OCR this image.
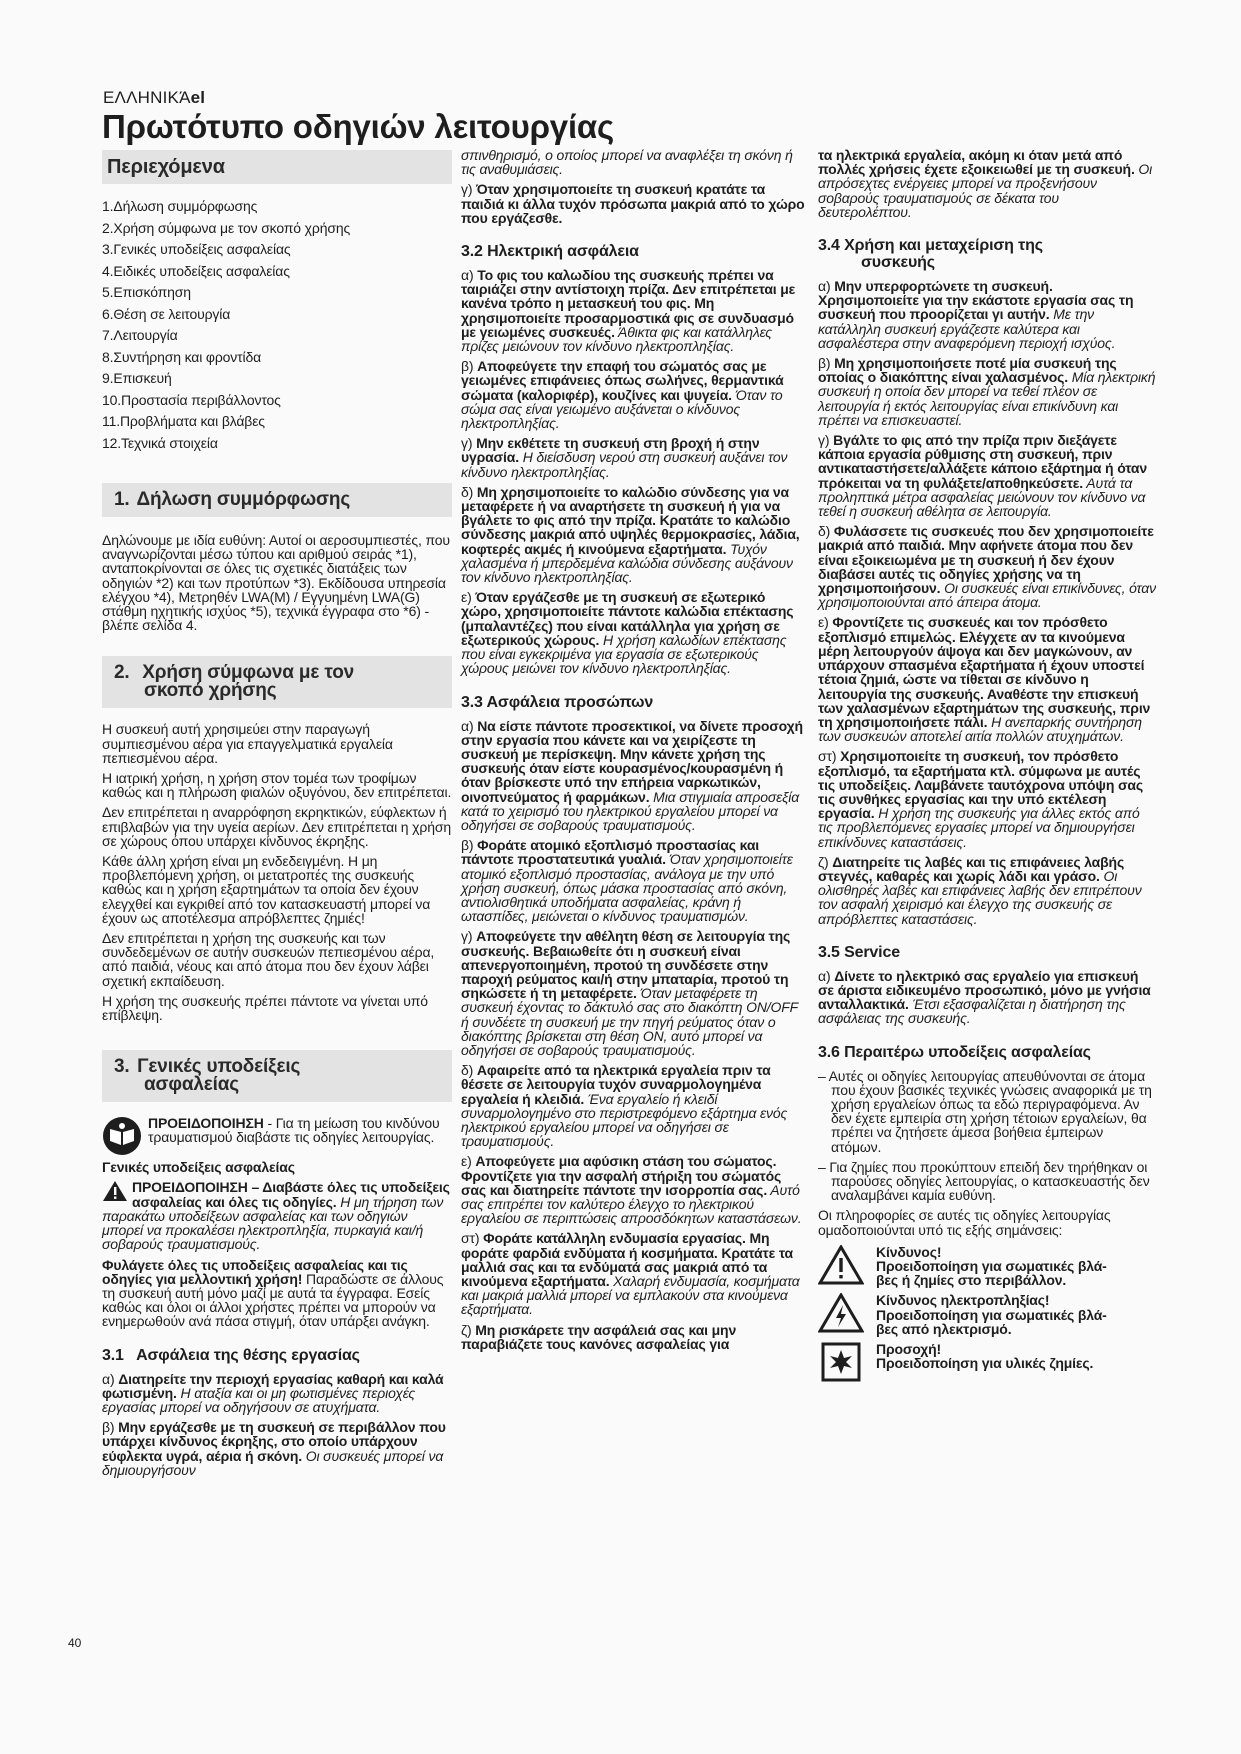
ΕΛΛΗΝΙΚΆel
Πρωτότυπο οδηγιών λειτουργίας
Περιεχόμενα
1.Δήλωση συμμόρφωσης
2.Χρήση σύμφωνα με τον σκοπό χρήσης
3.Γενικές υποδείξεις ασφαλείας
4.Ειδικές υποδείξεις ασφαλείας
5.Επισκόπηση
6.Θέση σε λειτουργία
7.Λειτουργία
8.Συντήρηση και φροντίδα
9.Επισκευή
10.Προστασία περιβάλλοντος
11.Προβλήματα και βλάβες
12.Τεχνικά στοιχεία
1. Δήλωση συμμόρφωσης

Δηλώνουμε με ιδία ευθύνη: Αυτοί οι αεροσυμπιεστές, που αναγνωρίζονται μέσω τύπου και αριθμού σειράς *1), ανταποκρίνονται σε όλες τις σχετικές διατάξεις των οδηγιών *2) και των προτύπων *3). Εκδίδουσα υπηρεσία ελέγχου *4), Μετρηθέν LWA(M) / Εγγυημένη LWA(G) στάθμη ηχητικής ισχύος *5), τεχνικά έγγραφα στο *6) - βλέπε σελίδα 4.

2. Χρήση σύμφωνα με τον
σκοπό χρήσης

Η συσκευή αυτή χρησιμεύει στην παραγωγή συμπιεσμένου αέρα για επαγγελματικά εργαλεία πεπιεσμένου αέρα.

Η ιατρική χρήση, η χρήση στον τομέα των τροφίμων καθώς και η πλήρωση φιαλών οξυγόνου, δεν επιτρέπεται.

Δεν επιτρέπεται η αναρρόφηση εκρηκτικών, εύφλεκτων ή επιβλαβών για την υγεία αερίων. Δεν επιτρέπεται η χρήση σε χώρους όπου υπάρχει κίνδυνος έκρηξης.

Κάθε άλλη χρήση είναι μη ενδεδειγμένη. Η μη προβλεπόμενη χρήση, οι μετατροπές της συσκευής καθώς και η χρήση εξαρτημάτων τα οποία δεν έχουν ελεγχθεί και εγκριθεί από τον κατασκευαστή μπορεί να έχουν ως αποτέλεσμα απρόβλεπτες ζημιές!

Δεν επιτρέπεται η χρήση της συσκευής και των συνδεδεμένων σε αυτήν συσκευών πεπιεσμένου αέρα, από παιδιά, νέους και από άτομα που δεν έχουν λάβει σχετική εκπαίδευση.

Η χρήση της συσκευής πρέπει πάντοτε να γίνεται υπό επίβλεψη.

3. Γενικές υποδείξεις
ασφαλείας
ΠΡΟΕΙΔΟΠΟΙΗΣΗ - Για τη μείωση του κινδύνου τραυματισμού διαβάστε τις οδηγίες λειτουργίας.

Γενικές υποδείξεις ασφαλείας

ΠΡΟΕΙΔΟΠΟΙΗΣΗ – Διαβάστε όλες τις υποδείξεις ασφαλείας και όλες τις οδηγίες. Η μη τήρηση των παρακάτω υποδείξεων ασφαλείας και των οδηγιών μπορεί να προκαλέσει ηλεκτροπληξία, πυρκαγιά και/ή σοβαρούς τραυματισμούς.

Φυλάγετε όλες τις υποδείξεις ασφαλείας και τις οδηγίες για μελλοντική χρήση! Παραδώστε σε άλλους τη συσκευή αυτή μόνο μαζί με αυτά τα έγγραφα. Εσείς καθώς και όλοι οι άλλοι χρήστες πρέπει να μπορούν να ενημερωθούν ανά πάσα στιγμή, όταν υπάρξει ανάγκη.

3.1 Ασφάλεια της θέσης εργασίας

α) Διατηρείτε την περιοχή εργασίας καθαρή και καλά φωτισμένη. Η αταξία και οι μη φωτισμένες περιοχές εργασίας μπορεί να οδηγήσουν σε ατυχήματα.

β) Μην εργάζεσθε με τη συσκευή σε περιβάλλον που υπάρχει κίνδυνος έκρηξης, στο οποίο υπάρχουν εύφλεκτα υγρά, αέρια ή σκόνη. Οι συσκευές μπορεί να δημιουργήσουν

σπινθηρισμό, ο οποίος μπορεί να αναφλέξει τη σκόνη ή τις αναθυμιάσεις.

γ) Όταν χρησιμοποιείτε τη συσκευή κρατάτε τα παιδιά κι άλλα τυχόν πρόσωπα μακριά από το χώρο που εργάζεσθε.

3.2 Ηλεκτρική ασφάλεια

α) Το φις του καλωδίου της συσκευής πρέπει να ταιριάζει στην αντίστοιχη πρίζα. Δεν επιτρέπεται με κανένα τρόπο η μετασκευή του φις. Μη χρησιμοποιείτε προσαρμοστικά φις σε συνδυασμό με γειωμένες συσκευές. Άθικτα φις και κατάλληλες πρίζες μειώνουν τον κίνδυνο ηλεκτροπληξίας.

β) Αποφεύγετε την επαφή του σώματός σας με γειωμένες επιφάνειες όπως σωλήνες, θερμαντικά σώματα (καλοριφέρ), κουζίνες και ψυγεία. Όταν το σώμα σας είναι γειωμένο αυξάνεται ο κίνδυνος ηλεκτροπληξίας.

γ) Μην εκθέτετε τη συσκευή στη βροχή ή στην υγρασία. Η διείσδυση νερού στη συσκευή αυξάνει τον κίνδυνο ηλεκτροπληξίας.

δ) Μη χρησιμοποιείτε το καλώδιο σύνδεσης για να μεταφέρετε ή να αναρτήσετε τη συσκευή ή για να βγάλετε το φις από την πρίζα. Κρατάτε το καλώδιο σύνδεσης μακριά από υψηλές θερμοκρασίες, λάδια, κοφτερές ακμές ή κινούμενα εξαρτήματα. Τυχόν χαλασμένα ή μπερδεμένα καλώδια σύνδεσης αυξάνουν τον κίνδυνο ηλεκτροπληξίας.

ε) Όταν εργάζεσθε με τη συσκευή σε εξωτερικό χώρο, χρησιμοποιείτε πάντοτε καλώδια επέκτασης (μπαλαντέζες) που είναι κατάλληλα για χρήση σε εξωτερικούς χώρους. Η χρήση καλωδίων επέκτασης που είναι εγκεκριμένα για εργασία σε εξωτερικούς χώρους μειώνει τον κίνδυνο ηλεκτροπληξίας.

3.3 Ασφάλεια προσώπων

α) Να είστε πάντοτε προσεκτικοί, να δίνετε προσοχή στην εργασία που κάνετε και να χειρίζεστε τη συσκευή με περίσκεψη. Μην κάνετε χρήση της συσκευής όταν είστε κουρασμένος/κουρασμένη ή όταν βρίσκεστε υπό την επήρεια ναρκωτικών, οινοπνεύματος ή φαρμάκων. Μια στιγμιαία απροσεξία κατά το χειρισμό του ηλεκτρικού εργαλείου μπορεί να οδηγήσει σε σοβαρούς τραυματισμούς.

β) Φοράτε ατομικό εξοπλισμό προστασίας και πάντοτε προστατευτικά γυαλιά. Όταν χρησιμοποιείτε ατομικό εξοπλισμό προστασίας, ανάλογα με την υπό χρήση συσκευή, όπως μάσκα προστασίας από σκόνη, αντιολισθητικά υποδήματα ασφαλείας, κράνη ή ωτασπίδες, μειώνεται ο κίνδυνος τραυματισμών.

γ) Αποφεύγετε την αθέλητη θέση σε λειτουργία της συσκευής. Βεβαιωθείτε ότι η συσκευή είναι απενεργοποιημένη, προτού τη συνδέσετε στην παροχή ρεύματος και/ή στην μπαταρία, προτού τη σηκώσετε ή τη μεταφέρετε. Όταν μεταφέρετε τη συσκευή έχοντας το δάκτυλό σας στο διακόπτη ON/OFF ή συνδέετε τη συσκευή με την πηγή ρεύματος όταν ο διακόπτης βρίσκεται στη θέση ON, αυτό μπορεί να οδηγήσει σε σοβαρούς τραυματισμούς.

δ) Αφαιρείτε από τα ηλεκτρικά εργαλεία πριν τα θέσετε σε λειτουργία τυχόν συναρμολογημένα εργαλεία ή κλειδιά. Ένα εργαλείο ή κλειδί συναρμολογημένο στο περιστρεφόμενο εξάρτημα ενός ηλεκτρικού εργαλείου μπορεί να οδηγήσει σε τραυματισμούς.

ε) Αποφεύγετε μια αφύσικη στάση του σώματος. Φροντίζετε για την ασφαλή στήριξη του σώματός σας και διατηρείτε πάντοτε την ισορροπία σας. Αυτό σας επιτρέπει τον καλύτερο έλεγχο το ηλεκτρικού εργαλείου σε περιπτώσεις απροσδόκητων καταστάσεων.

στ) Φοράτε κατάλληλη ενδυμασία εργασίας. Μη φοράτε φαρδιά ενδύματα ή κοσμήματα. Κρατάτε τα μαλλιά σας και τα ενδύματά σας μακριά από τα κινούμενα εξαρτήματα. Χαλαρή ενδυμασία, κοσμήματα και μακριά μαλλιά μπορεί να εμπλακούν στα κινούμενα εξαρτήματα.

ζ) Μη ρισκάρετε την ασφάλειά σας και μην παραβιάζετε τους κανόνες ασφαλείας για

τα ηλεκτρικά εργαλεία, ακόμη κι όταν μετά από πολλές χρήσεις έχετε εξοικειωθεί με τη συσκευή. Οι απρόσεχτες ενέργειες μπορεί να προξενήσουν σοβαρούς τραυματισμούς σε δέκατα του δευτερολέπτου.

3.4 Χρήση και μεταχείριση της
συσκευής

α) Μην υπερφορτώνετε τη συσκευή. Χρησιμοποιείτε για την εκάστοτε εργασία σας τη συσκευή που προορίζεται γι αυτήν. Με την κατάλληλη συσκευή εργάζεστε καλύτερα και ασφαλέστερα στην αναφερόμενη περιοχή ισχύος.

β) Μη χρησιμοποιήσετε ποτέ μία συσκευή της οποίας ο διακόπτης είναι χαλασμένος. Μία ηλεκτρική συσκευή η οποία δεν μπορεί να τεθεί πλέον σε λειτουργία ή εκτός λειτουργίας είναι επικίνδυνη και πρέπει να επισκευαστεί.

γ) Βγάλτε το φις από την πρίζα πριν διεξάγετε κάποια εργασία ρύθμισης στη συσκευή, πριν αντικαταστήσετε/αλλάξετε κάποιο εξάρτημα ή όταν πρόκειται να τη φυλάξετε/αποθηκεύσετε. Αυτά τα προληπτικά μέτρα ασφαλείας μειώνουν τον κίνδυνο να τεθεί η συσκευή αθέλητα σε λειτουργία.

δ) Φυλάσσετε τις συσκευές που δεν χρησιμοποιείτε μακριά από παιδιά. Μην αφήνετε άτομα που δεν είναι εξοικειωμένα με τη συσκευή ή δεν έχουν διαβάσει αυτές τις οδηγίες χρήσης να τη χρησιμοποιήσουν. Οι συσκευές είναι επικίνδυνες, όταν χρησιμοποιούνται από άπειρα άτομα.

ε) Φροντίζετε τις συσκευές και τον πρόσθετο εξοπλισμό επιμελώς. Ελέγχετε αν τα κινούμενα μέρη λειτουργούν άψογα και δεν μαγκώνουν, αν υπάρχουν σπασμένα εξαρτήματα ή έχουν υποστεί τέτοια ζημιά, ώστε να τίθεται σε κίνδυνο η λειτουργία της συσκευής. Αναθέστε την επισκευή των χαλασμένων εξαρτημάτων της συσκευής, πριν τη χρησιμοποιήσετε πάλι. Η ανεπαρκής συντήρηση των συσκευών αποτελεί αιτία πολλών ατυχημάτων.

στ) Χρησιμοποιείτε τη συσκευή, τον πρόσθετο εξοπλισμό, τα εξαρτήματα κτλ. σύμφωνα με αυτές τις υποδείξεις. Λαμβάνετε ταυτόχρονα υπόψη σας τις συνθήκες εργασίας και την υπό εκτέλεση εργασία. Η χρήση της συσκευής για άλλες εκτός από τις προβλεπόμενες εργασίες μπορεί να δημιουργήσει επικίνδυνες καταστάσεις.

ζ) Διατηρείτε τις λαβές και τις επιφάνειες λαβής στεγνές, καθαρές και χωρίς λάδι και γράσο. Οι ολισθηρές λαβές και επιφάνειες λαβής δεν επιτρέπουν τον ασφαλή χειρισμό και έλεγχο της συσκευής σε απρόβλεπτες καταστάσεις.

3.5 Service

α) Δίνετε το ηλεκτρικό σας εργαλείο για επισκευή σε άριστα ειδικευμένο προσωπικό, μόνο με γνήσια ανταλλακτικά. Έτσι εξασφαλίζεται η διατήρηση της ασφάλειας της συσκευής.

3.6 Περαιτέρω υποδείξεις ασφαλείας

– Αυτές οι οδηγίες λειτουργίας απευθύνονται σε άτομα που έχουν βασικές τεχνικές γνώσεις αναφορικά με τη χρήση εργαλείων όπως τα εδώ περιγραφόμενα. Αν δεν έχετε εμπειρία στη χρήση τέτοιων εργαλείων, θα πρέπει να ζητήσετε άμεσα βοήθεια έμπειρων ατόμων.

– Για ζημίες που προκύπτουν επειδή δεν τηρήθηκαν οι παρούσες οδηγίες λειτουργίας, ο κατασκευαστής δεν αναλαμβάνει καμία ευθύνη.

Οι πληροφορίες σε αυτές τις οδηγίες λειτουργίας ομαδοποιούνται υπό τις εξής σημάνσεις:

Κίνδυνος!
Προειδοποίηση για σωματικές βλά-
βες ή ζημίες στο περιβάλλον.
Κίνδυνος ηλεκτροπληξίας!
Προειδοποίηση για σωματικές βλά-
βες από ηλεκτρισμό.
Προσοχή!
Προειδοποίηση για υλικές ζημίες.
40
